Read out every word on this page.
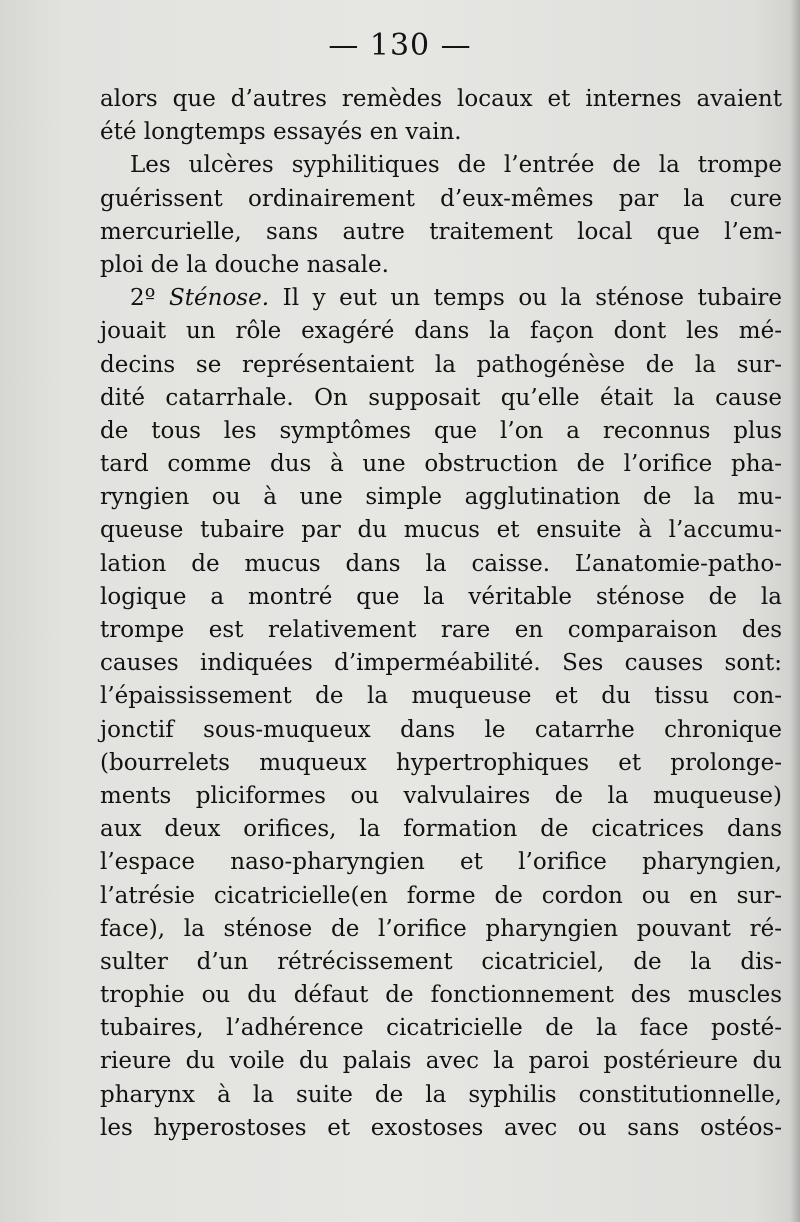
— 130 —
alors que d’autres remèdes locaux et internes avaient
été longtemps essayés en vain.
Les ulcères syphilitiques de l’entrée de la trompe
guérissent ordinairement d’eux-mêmes par la cure
mercurielle, sans autre traitement local que l’em-
ploi de la douche nasale.
2º Sténose. Il y eut un temps ou la sténose tubaire
jouait un rôle exagéré dans la façon dont les mé-
decins se représentaient la pathogénèse de la sur-
dité catarrhale. On supposait qu’elle était la cause
de tous les symptômes que l’on a reconnus plus
tard comme dus à une obstruction de l’orifice pha-
ryngien ou à une simple agglutination de la mu-
queuse tubaire par du mucus et ensuite à l’accumu-
lation de mucus dans la caisse. L’anatomie-patho-
logique a montré que la véritable sténose de la
trompe est relativement rare en comparaison des
causes indiquées d’imperméabilité. Ses causes sont:
l’épaississement de la muqueuse et du tissu con-
jonctif sous-muqueux dans le catarrhe chronique
(bourrelets muqueux hypertrophiques et prolonge-
ments pliciformes ou valvulaires de la muqueuse)
aux deux orifices, la formation de cicatrices dans
l’espace naso-pharyngien et l’orifice pharyngien,
l’atrésie cicatricielle(en forme de cordon ou en sur-
face), la sténose de l’orifice pharyngien pouvant ré-
sulter d’un rétrécissement cicatriciel, de la dis-
trophie ou du défaut de fonctionnement des muscles
tubaires, l’adhérence cicatricielle de la face posté-
rieure du voile du palais avec la paroi postérieure du
pharynx à la suite de la syphilis constitutionnelle,
les hyperostoses et exostoses avec ou sans ostéos-
